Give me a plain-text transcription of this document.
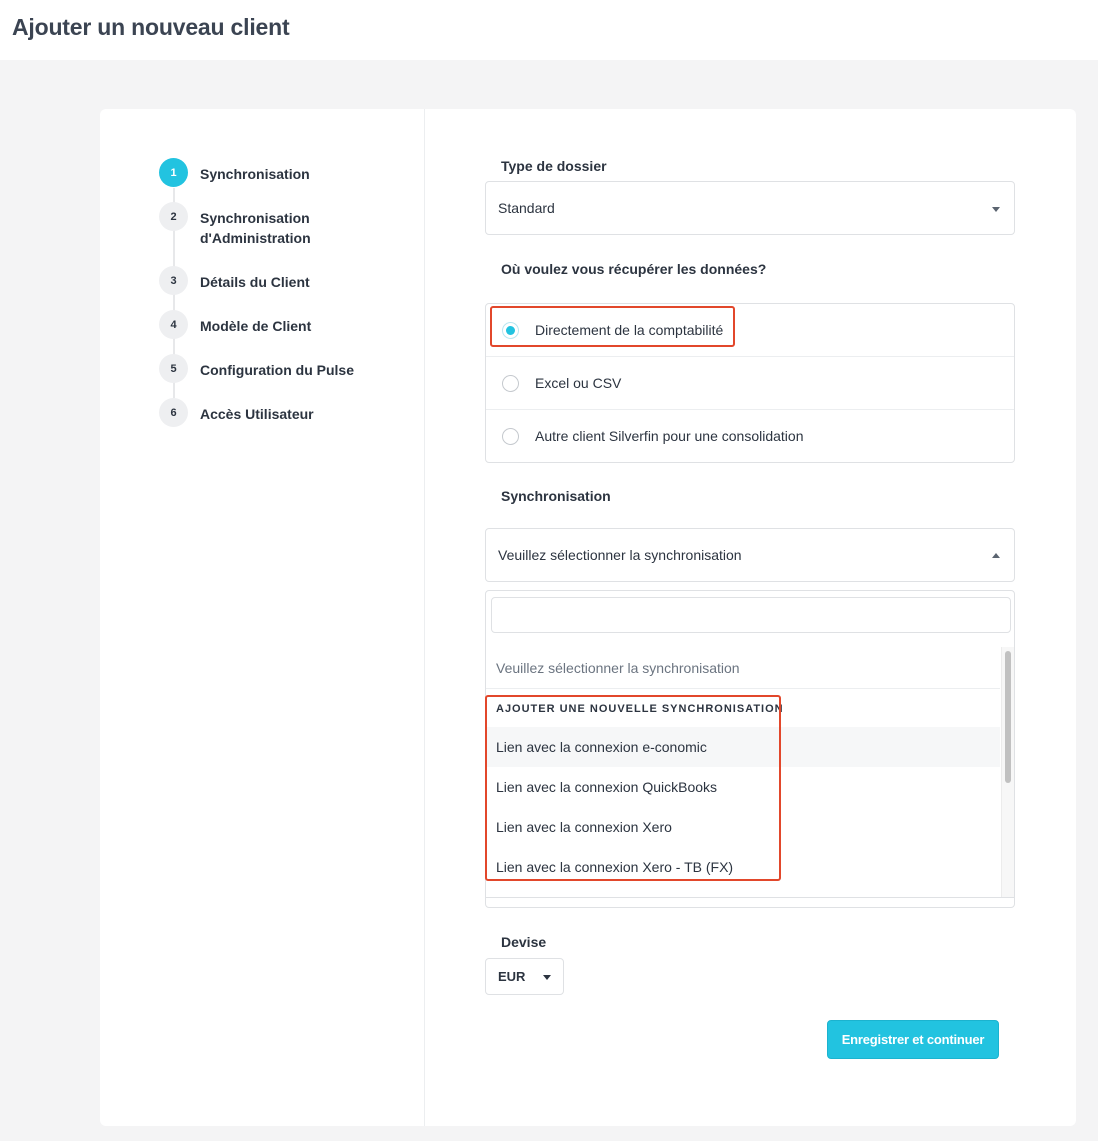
Ajouter un nouveau client
1	Synchronisation
2	Synchronisation d'Administration
3	Détails du Client
4	Modèle de Client
5	Configuration du Pulse
6	Accès Utilisateur
Type de dossier
Standard
Où voulez vous récupérer les données?
Directement de la comptabilité
Excel ou CSV
Autre client Silverfin pour une consolidation
Synchronisation
Veuillez sélectionner la synchronisation
Veuillez sélectionner la synchronisation
AJOUTER UNE NOUVELLE SYNCHRONISATION
Lien avec la connexion e-conomic
Lien avec la connexion QuickBooks
Lien avec la connexion Xero
Lien avec la connexion Xero - TB (FX)
Devise
EUR
Enregistrer et continuer
